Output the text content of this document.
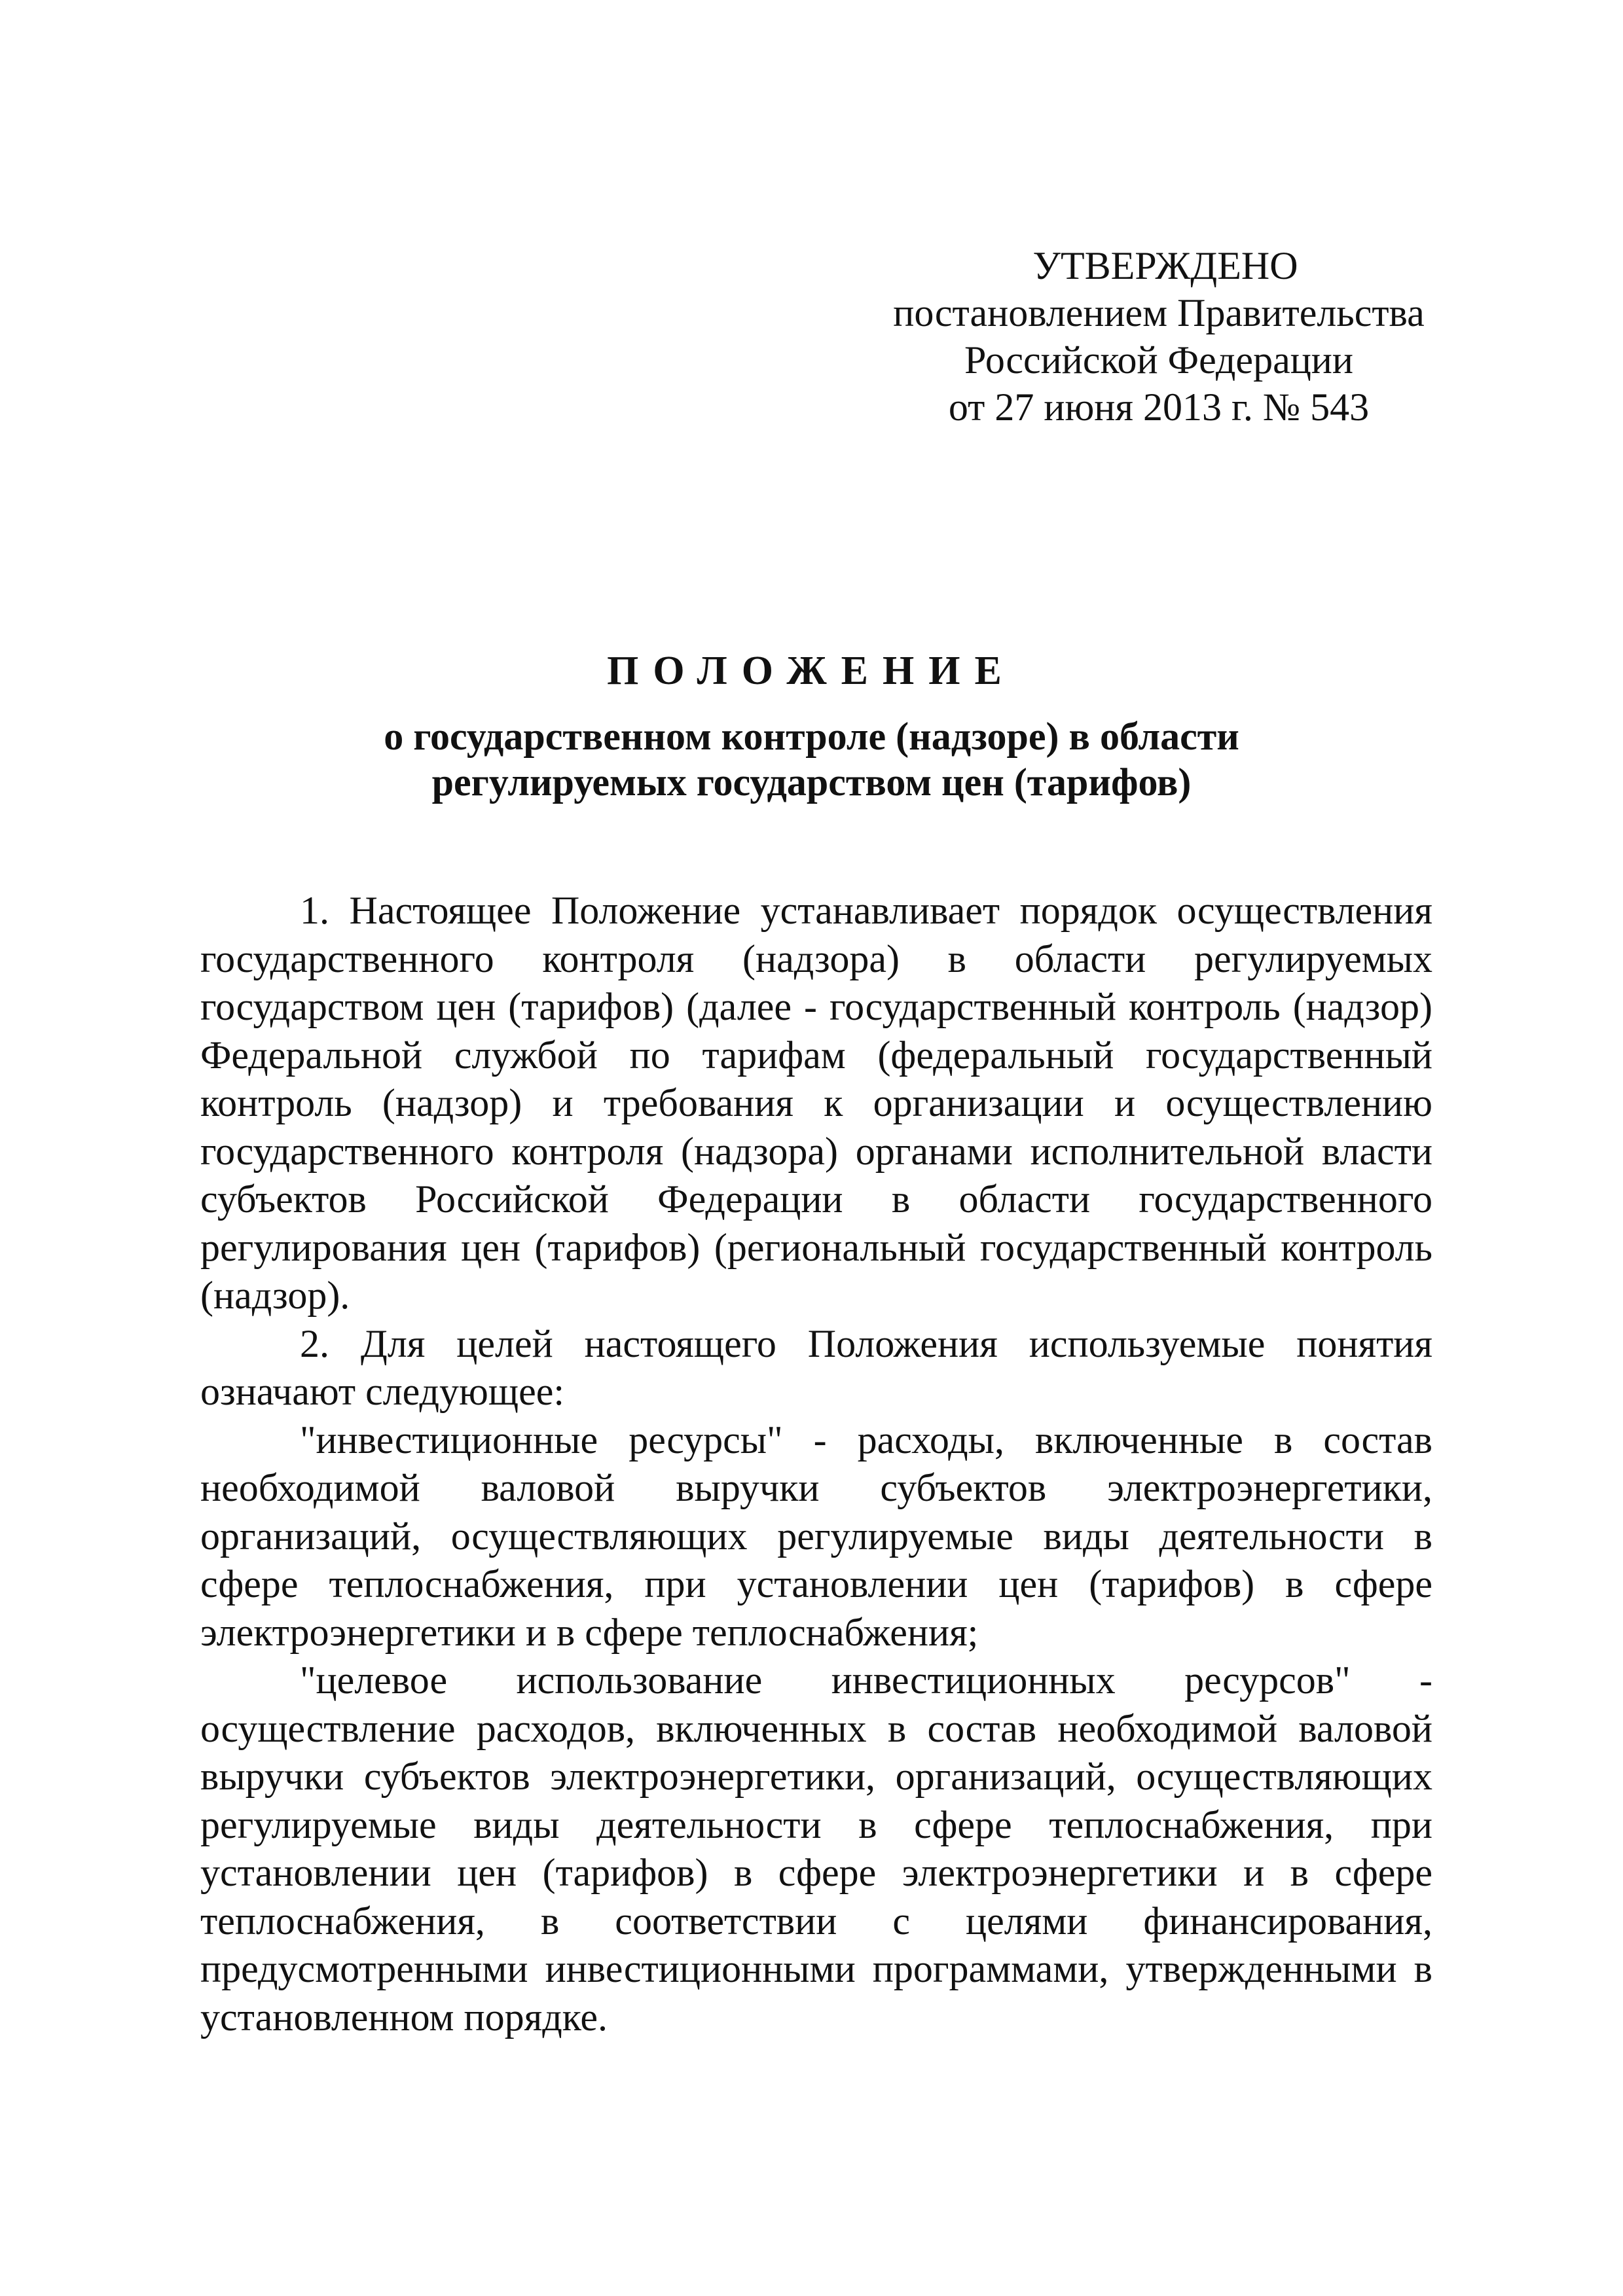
УТВЕРЖДЕНО
постановлением Правительства
Российской Федерации
от 27 июня 2013 г. № 543
ПОЛОЖЕНИЕ
о государственном контроле (надзоре) в области
регулируемых государством цен (тарифов)

1. Настоящее Положение устанавливает порядок осуществления государственного контроля (надзора) в области регулируемых государством цен (тарифов) (далее - государственный контроль (надзор) Федеральной службой по тарифам (федеральный государственный контроль (надзор) и требования к организации и осуществлению государственного контроля (надзора) органами исполнительной власти субъектов Российской Федерации в области государственного регулирования цен (тарифов) (региональный государственный контроль (надзор).

2. Для целей настоящего Положения используемые понятия означают следующее:

"инвестиционные ресурсы" - расходы, включенные в состав необходимой валовой выручки субъектов электроэнергетики, организаций, осуществляющих регулируемые виды деятельности в сфере теплоснабжения, при установлении цен (тарифов) в сфере электроэнергетики и в сфере теплоснабжения;

"целевое использование инвестиционных ресурсов" - осуществление расходов, включенных в состав необходимой валовой выручки субъектов электроэнергетики, организаций, осуществляющих регулируемые виды деятельности в сфере теплоснабжения, при установлении цен (тарифов) в сфере электроэнергетики и в сфере теплоснабжения, в соответствии с целями финансирования, предусмотренными инвестиционными программами, утвержденными в установленном порядке.
